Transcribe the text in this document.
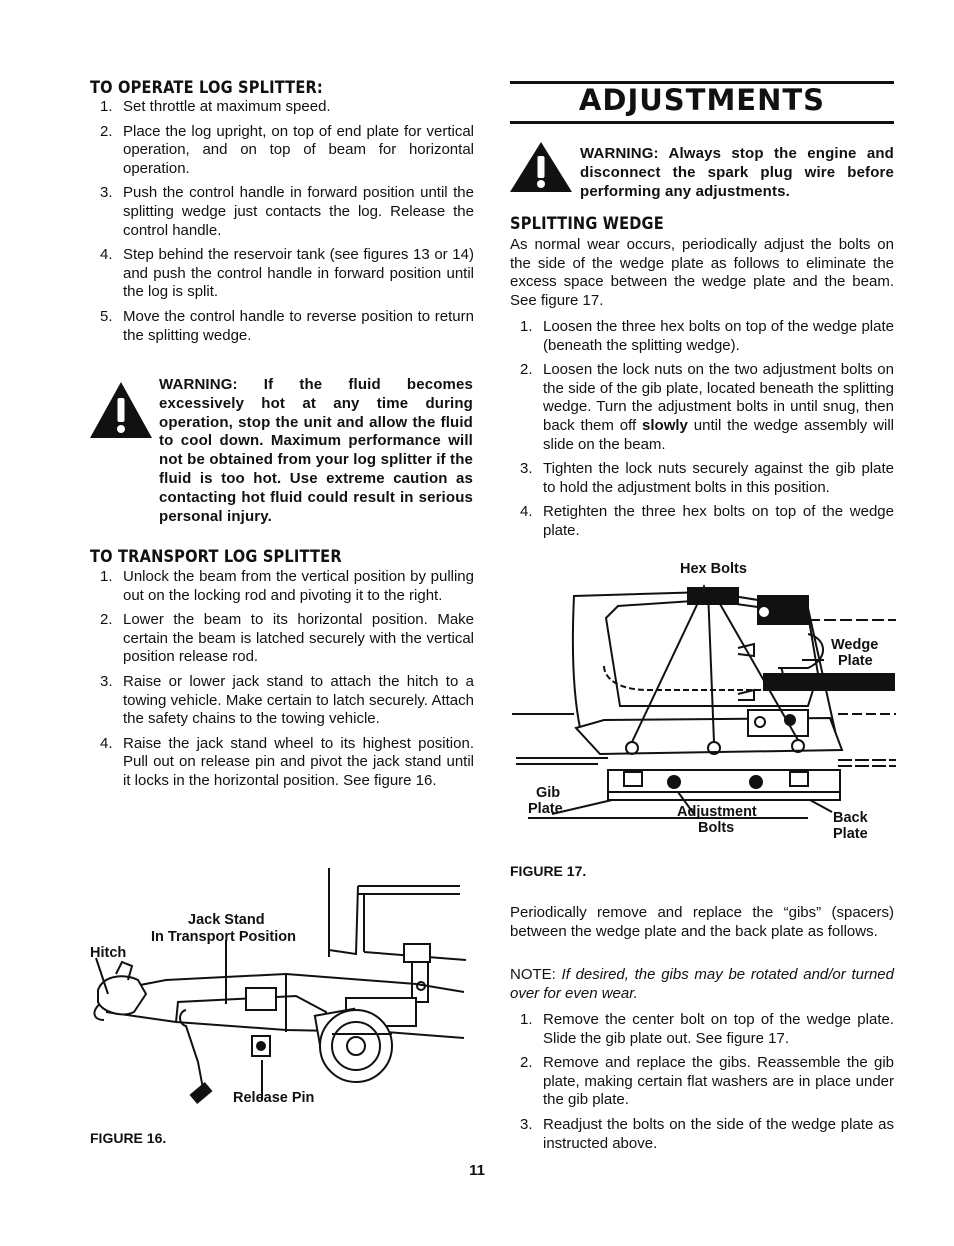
TO OPERATE LOG SPLITTER:
1. Set throttle at maximum speed.
2. Place the log upright, on top of end plate for vertical operation, and on top of beam for horizontal operation.
3. Push the control handle in forward position until the splitting wedge just contacts the log. Release the control handle.
4. Step behind the reservoir tank (see figures 13 or 14) and push the control handle in forward position until the log is split.
5. Move the control handle to reverse position to return the splitting wedge.

WARNING: If the fluid becomes excessively hot at any time during operation, stop the unit and allow the fluid to cool down. Maximum performance will not be obtained from your log splitter if the fluid is too hot. Use extreme caution as contacting hot fluid could result in serious personal injury.

TO TRANSPORT LOG SPLITTER
1. Unlock the beam from the vertical position by pulling out on the locking rod and pivoting it to the right.
2. Lower the beam to its horizontal position. Make certain the beam is latched securely with the vertical position release rod.
3. Raise or lower jack stand to attach the hitch to a towing vehicle. Make certain to latch securely. Attach the safety chains to the towing vehicle.
4. Raise the jack stand wheel to its highest position. Pull out on release pin and pivot the jack stand until it locks in the horizontal position. See figure 16.
Jack Stand
In Transport Position
Hitch
Release Pin

FIGURE 16.

ADJUSTMENTS

WARNING: Always stop the engine and disconnect the spark plug wire before performing any adjustments.

SPLITTING WEDGE

As normal wear occurs, periodically adjust the bolts on the side of the wedge plate as follows to eliminate the excess space between the wedge plate and the beam. See figure 17.

1. Loosen the three hex bolts on top of the wedge plate (beneath the splitting wedge).
2. Loosen the lock nuts on the two adjustment bolts on the side of the gib plate, located beneath the splitting wedge. Turn the adjustment bolts in until snug, then back them off slowly until the wedge assembly will slide on the beam.
3. Tighten the lock nuts securely against the gib plate to hold the adjustment bolts in this position.
4. Retighten the three hex bolts on top of the wedge plate.
Hex Bolts
Wedge
Plate
Gib
Plate	Adjustment
Bolts
Back
Plate

FIGURE 17.

Periodically remove and replace the “gibs” (spacers) between the wedge plate and the back plate as follows.

NOTE: If desired, the gibs may be rotated and/or turned over for even wear.

1. Remove the center bolt on top of the wedge plate. Slide the gib plate out. See figure 17.
2. Remove and replace the gibs. Reassemble the gib plate, making certain flat washers are in place under the gib plate.
3. Readjust the bolts on the side of the wedge plate as instructed above.
11
